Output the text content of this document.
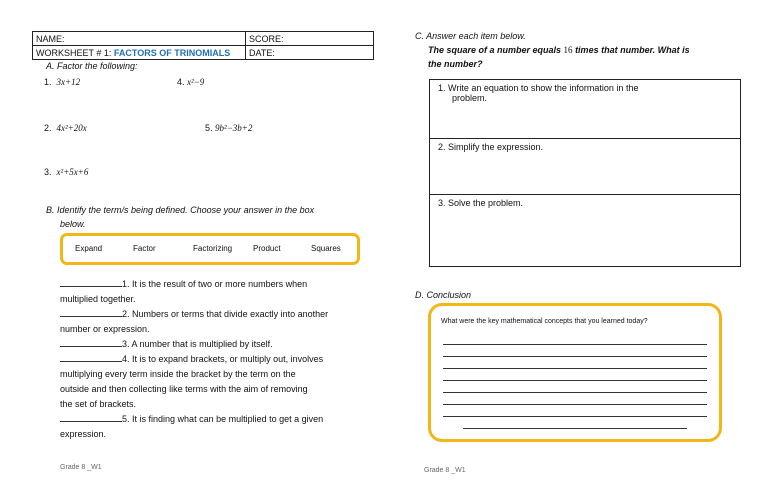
NAME:	SCORE:
WORKSHEET # 1: FACTORS OF TRINOMIALS	DATE:
A. Factor the following:
1. 3x+12	4. x²−9
2. 4x²+20x	5. 9b²−3b+2
3. x²+5x+6
B. Identify the term/s being defined. Choose your answer in the box
below.
Expand	Factor	Factorizing	Product	Squares
1. It is the result of two or more numbers when
multiplied together.
2. Numbers or terms that divide exactly into another
number or expression.
3. A number that is multiplied by itself.
4. It is to expand brackets, or multiply out, involves
multiplying every term inside the bracket by the term on the
outside and then collecting like terms with the aim of removing
the set of brackets.
5. It is finding what can be multiplied to get a given
expression.
Grade 8 _W1
C. Answer each item below.
The square of a number equals 16 times that number. What is
the number?
1. Write an equation to show the information in the
problem.

2. Simplify the expression.

3. Solve the problem.
D. Conclusion
What were the key mathematical concepts that you learned today?
Grade 8 _W1
